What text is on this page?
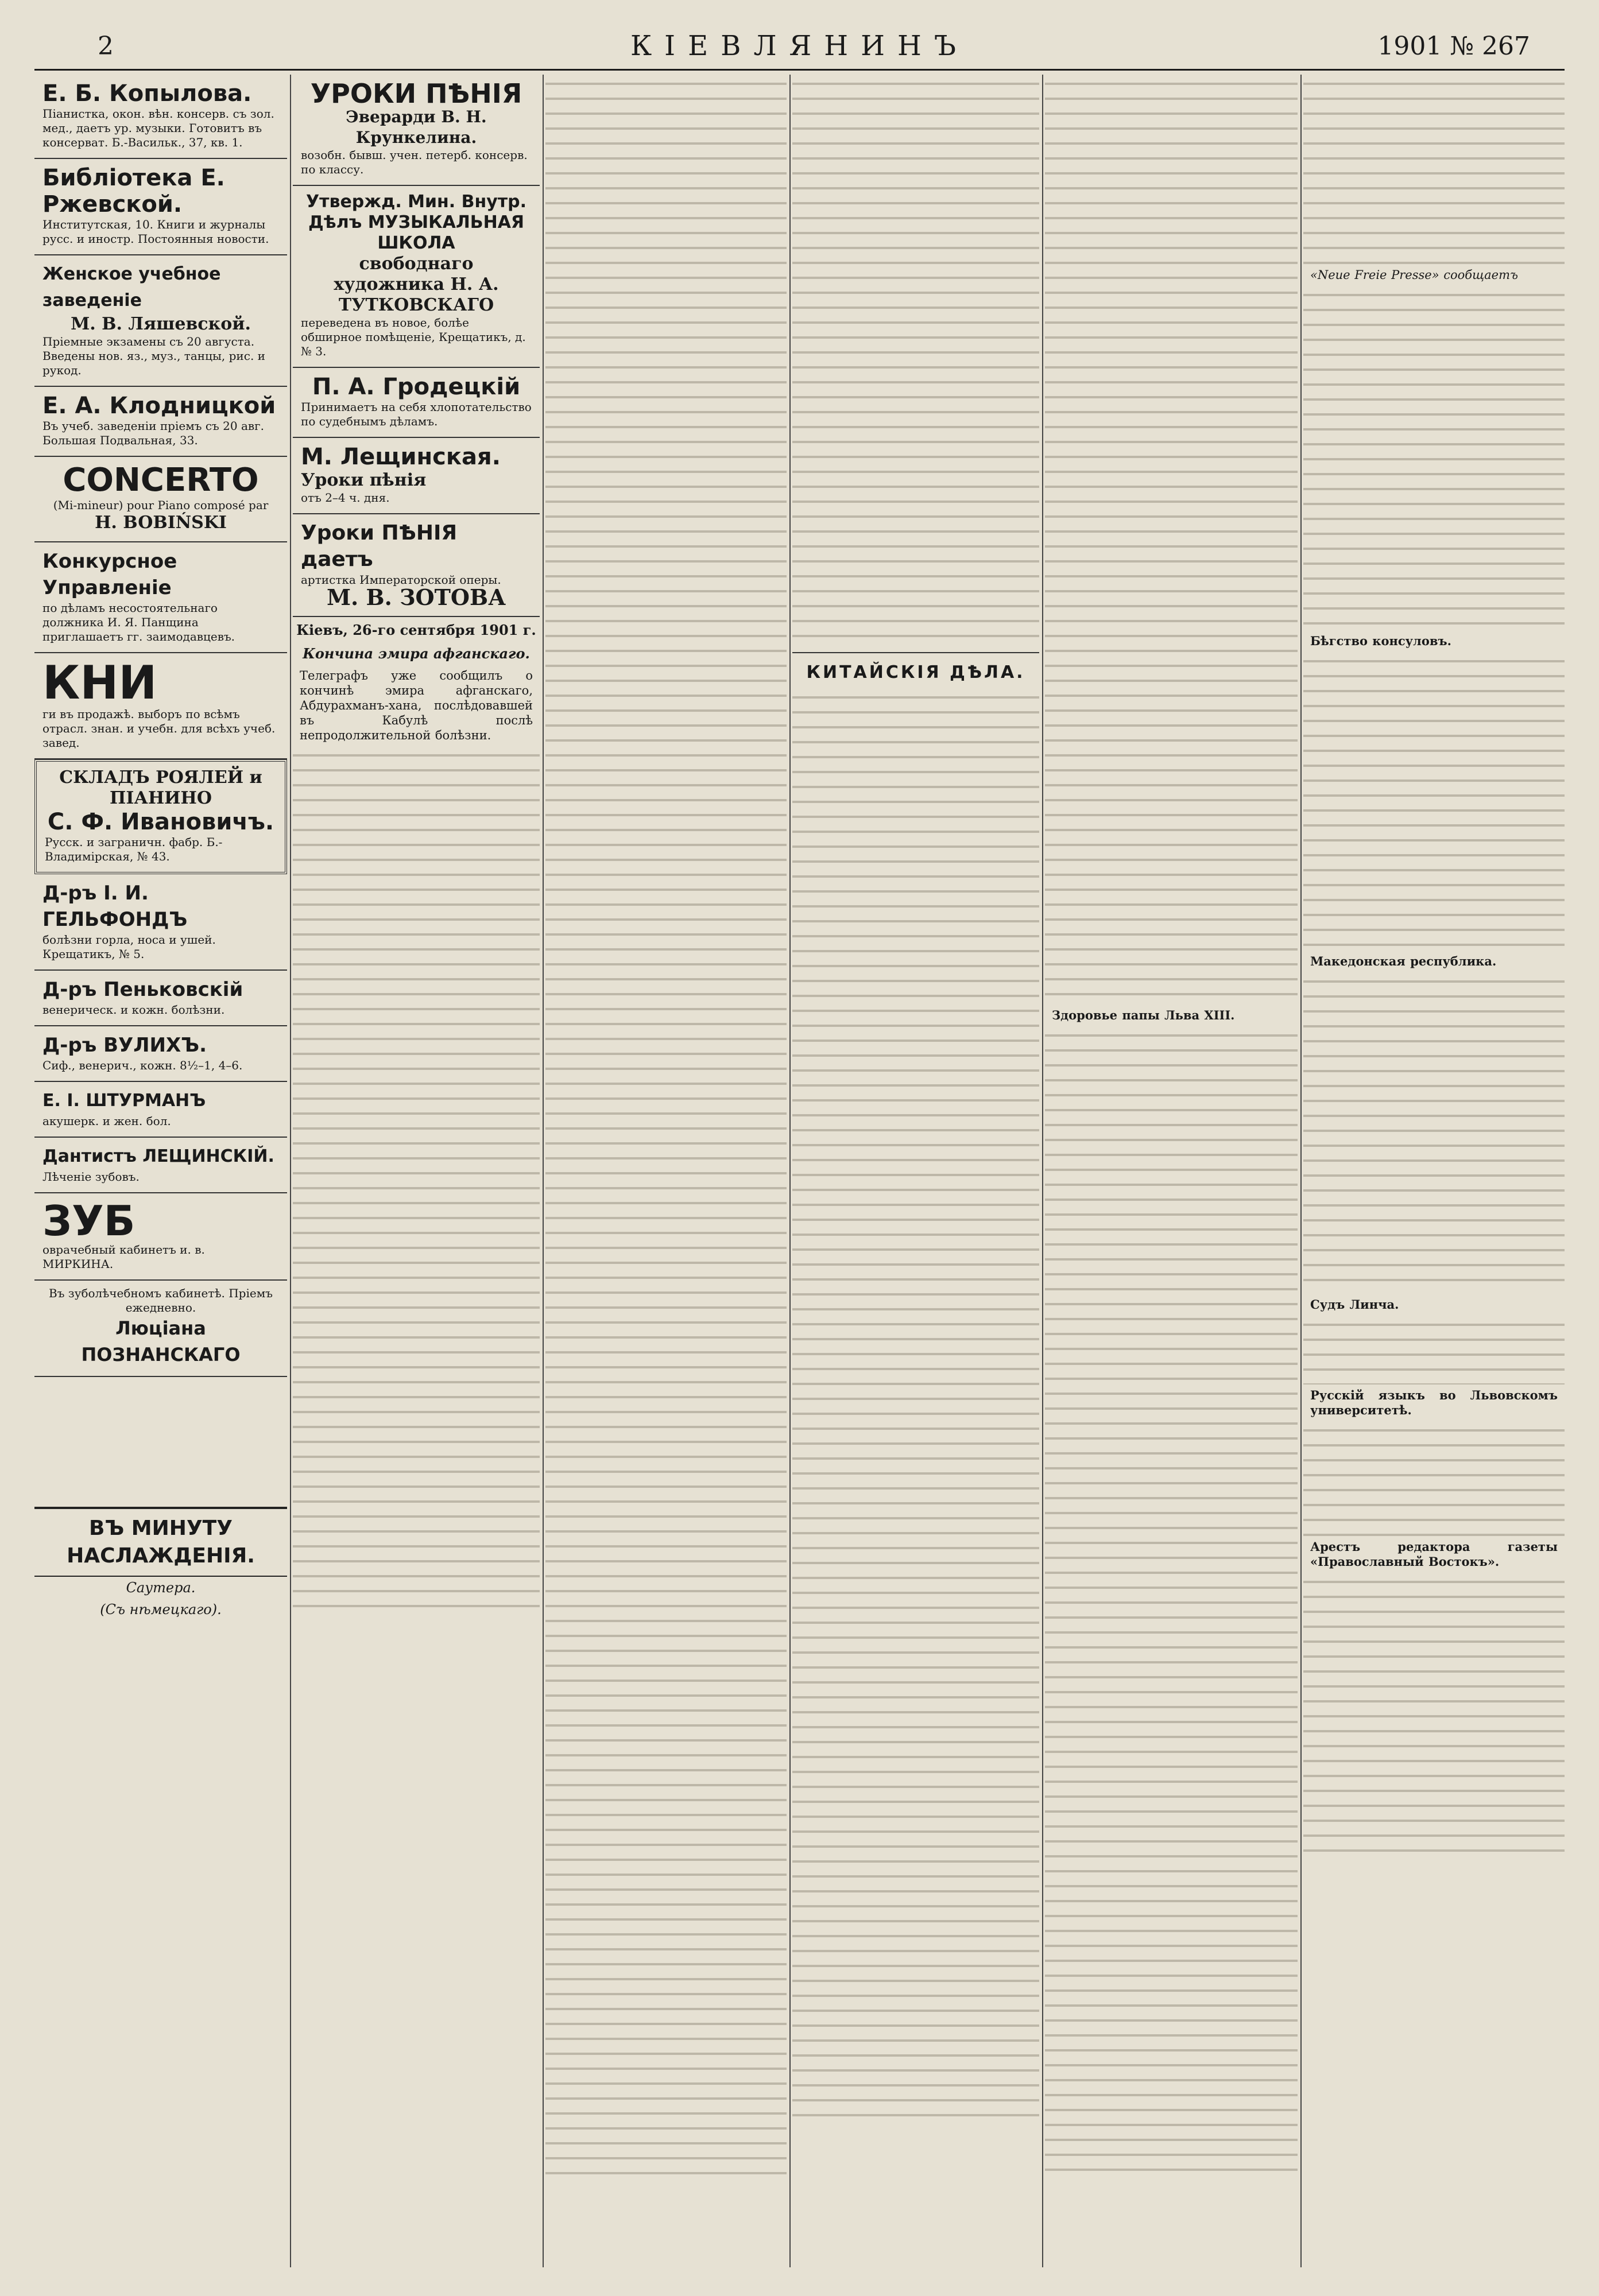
2	КІЕВЛЯНИНЪ	1901 № 267
Е. Б. Копылова.
Піанистка, окон. вѣн. консерв. съ зол. мед., даетъ ур. музыки. Готовитъ въ консерват. Б.-Васильк., 37, кв. 1.
Библіотека Е. Ржевской.
Институтская, 10. Книги и журналы русс. и иностр. Постоянныя новости.
Женское учебное заведеніе
М. В. Ляшевской.
Пріемные экзамены съ 20 августа. Введены нов. яз., муз., танцы, рис. и рукод.
Е. А. Клодницкой
Въ учеб. заведеніи прiемъ съ 20 авг. Большая Подвальная, 33.
CONCERTO
(Mi-mineur) pour Piano composé par
H. BOBIŃSKI
Конкурсное Управленіе
по дѣламъ несостоятельнаго должника И. Я. Панщина приглашаетъ гг. заимодавцевъ.
КНИ
ги въ продажѣ. выборъ по всѣмъ отрасл. знан. и учебн. для всѣхъ учеб. завед.
СКЛАДЪ РОЯЛЕЙ и ПІАНИНО
С. Ф. Ивановичъ.
Русск. и заграничн. фабр. Б.-Владимірская, № 43.
Д-ръ І. И. ГЕЛЬФОНДЪ
болѣзни горла, носа и ушей. Крещатикъ, № 5.
Д-ръ Пеньковскій
венерическ. и кожн. болѣзни.
Д-ръ ВУЛИХЪ.
Сиф., венерич., кожн. 8½–1, 4–6.
Е. І. ШТУРМАНЪ
акушерк. и жен. бол.
Дантистъ ЛЕЩИНСКІЙ.
Лѣченіе зубовъ.
ЗУБ
оврачебный кабинетъ и. в. МИРКИНА.
Въ зуболѣчебномъ кабинетѣ. Пріемъ ежедневно.
Люціана ПОЗНАНСКАГО
УРОКИ ПѢНІЯ
Эверарди В. Н. Крункелина.
возобн. бывш. учен. петерб. консерв. по классу.
Утвержд. Мин. Внутр. Дѣлъ МУЗЫКАЛЬНАЯ ШКОЛА
свободнаго художника Н. А. ТУТКОВСКАГО
переведена въ новое, болѣе обширное помѣщеніе, Крещатикъ, д. № 3.
П. А. Гродецкій
Принимаетъ на себя хлопотательство по судебнымъ дѣламъ.
М. Лещинская.
Уроки пѣнія
отъ 2–4 ч. дня.
Уроки ПѢНІЯ даетъ
артистка Императорской оперы.
М. В. ЗОТОВА
Кіевъ, 26-го сентября 1901 г.
Кончина эмира афганскаго.
Телеграфъ уже сообщилъ о кончинѣ эмира афганскаго, Абдурахманъ-хана, послѣдовавшей въ Кабулѣ послѣ непродолжительной болѣзни.
КИТАЙСКІЯ ДѢЛА.
Здоровье папы Льва XIII.
«Neue Freie Presse» сообщаетъ
Бѣгство консуловъ.
Македонская республика.
Судъ Линча.
Русскій языкъ во Львовскомъ университетѣ.
Арестъ редактора газеты «Православный Востокъ».
ВЪ МИНУТУ НАСЛАЖДЕНІЯ.
Саутера.
(Съ нѣмецкаго).
